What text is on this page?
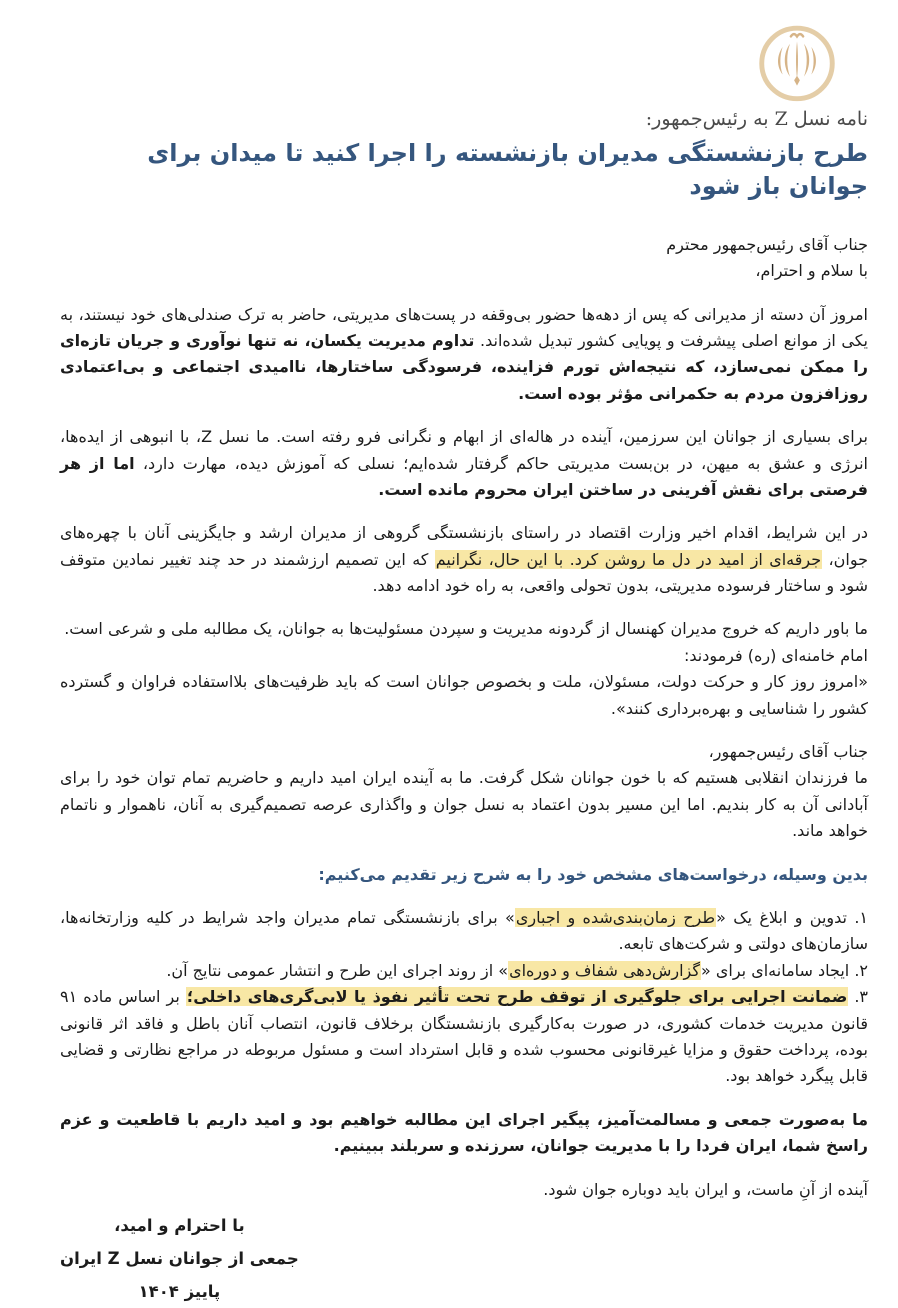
نامه نسل Z به رئیس‌جمهور:
طرح بازنشستگی مدیران بازنشسته را اجرا کنید تا میدان برای جوانان باز شود
جناب آقای رئیس‌جمهور محترم
با سلام و احترام،

امروز آن دسته از مدیرانی که پس از دهه‌ها حضور بی‌وقفه در پست‌های مدیریتی، حاضر به ترک صندلی‌های خود نیستند، به یکی از موانع اصلی پیشرفت و پویایی کشور تبدیل شده‌اند. تداوم مدیریت یکسان، نه تنها نوآوری و جریان تازه‌ای را ممکن نمی‌سازد، که نتیجه‌اش تورم فزاینده، فرسودگی ساختارها، ناامیدی اجتماعی و بی‌اعتمادی روزافزون مردم به حکمرانی مؤثر بوده است.

برای بسیاری از جوانان این سرزمین، آینده در هاله‌ای از ابهام و نگرانی فرو رفته است. ما نسل Z، با انبوهی از ایده‌ها، انرژی و عشق به میهن، در بن‌بست مدیریتی حاکم گرفتار شده‌ایم؛ نسلی که آموزش دیده، مهارت دارد، اما از هر فرصتی برای نقش آفرینی در ساختن ایران محروم مانده است.

در این شرایط، اقدام اخیر وزارت اقتصاد در راستای بازنشستگی گروهی از مدیران ارشد و جایگزینی آنان با چهره‌های جوان، جرقه‌ای از امید در دل ما روشن کرد. با این حال، نگرانیم که این تصمیم ارزشمند در حد چند تغییر نمادین متوقف شود و ساختار فرسوده مدیریتی، بدون تحولی واقعی، به راه خود ادامه دهد.

ما باور داریم که خروج مدیران کهنسال از گردونه مدیریت و سپردن مسئولیت‌ها به جوانان، یک مطالبه ملی و شرعی است.
امام خامنه‌ای (ره) فرمودند:
«امروز روز کار و حرکت دولت، مسئولان، ملت و بخصوص جوانان است که باید ظرفیت‌های بلااستفاده فراوان و گسترده کشور را شناسایی و بهره‌برداری کنند».
جناب آقای رئیس‌جمهور،
ما فرزندان انقلابی هستیم که با خون جوانان شکل گرفت. ما به آینده ایران امید داریم و حاضریم تمام توان خود را برای آبادانی آن به کار بندیم. اما این مسیر بدون اعتماد به نسل جوان و واگذاری عرصه تصمیم‌گیری به آنان، ناهموار و ناتمام خواهد ماند.

بدین وسیله، درخواست‌های مشخص خود را به شرح زیر تقدیم می‌کنیم:

۱. تدوین و ابلاغ یک «طرح زمان‌بندی‌شده و اجباری» برای بازنشستگی تمام مدیران واجد شرایط در کلیه وزارتخانه‌ها، سازمان‌های دولتی و شرکت‌های تابعه.
۲. ایجاد سامانه‌ای برای «گزارش‌دهی شفاف و دوره‌ای» از روند اجرای این طرح و انتشار عمومی نتایج آن.
۳. ضمانت اجرایی برای جلوگیری از توقف طرح تحت تأثیر نفوذ یا لابی‌گری‌های داخلی؛ بر اساس ماده ۹۱ قانون مدیریت خدمات کشوری، در صورت به‌کارگیری بازنشستگان برخلاف قانون، انتصاب آنان باطل و فاقد اثر قانونی بوده، پرداخت حقوق و مزایا غیرقانونی محسوب شده و قابل استرداد است و مسئول مربوطه در مراجع نظارتی و قضایی قابل پیگرد خواهد بود.

ما به‌صورت جمعی و مسالمت‌آمیز، پیگیر اجرای این مطالبه خواهیم بود و امید داریم با قاطعیت و عزم راسخ شما، ایران فردا را با مدیریت جوانان، سرزنده و سربلند ببینیم.

آینده از آنِ ماست، و ایران باید دوباره جوان شود.

با احترام و امید،
جمعی از جوانان نسل Z ایران
پاییز ۱۴۰۴
